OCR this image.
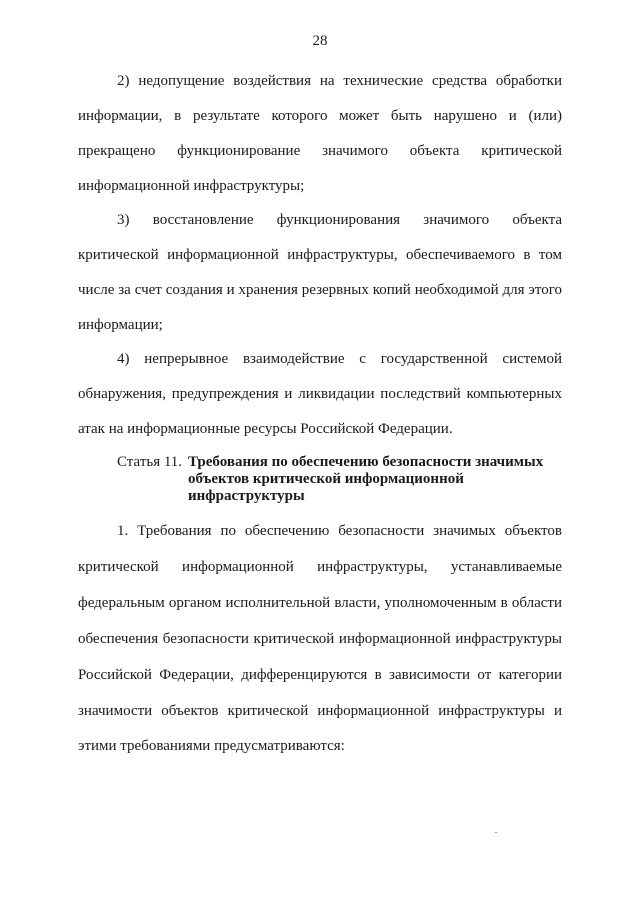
28
2) недопущение воздействия на технические средства обработки
информации, в результате которого может быть нарушено и (или)
прекращено функционирование значимого объекта критической
информационной инфраструктуры;
3) восстановление функционирования значимого объекта
критической информационной инфраструктуры, обеспечиваемого в том
числе за счет создания и хранения резервных копий необходимой для этого
информации;
4) непрерывное взаимодействие с государственной системой
обнаружения, предупреждения и ликвидации последствий компьютерных
атак на информационные ресурсы Российской Федерации.
Статья 11. Требования по обеспечению безопасности значимых
объектов критической информационной
инфраструктуры
1. Требования по обеспечению безопасности значимых объектов
критической информационной инфраструктуры, устанавливаемые
федеральным органом исполнительной власти, уполномоченным в области
обеспечения безопасности критической информационной инфраструктуры
Российской Федерации, дифференцируются в зависимости от категории
значимости объектов критической информационной инфраструктуры и
этими требованиями предусматриваются:
